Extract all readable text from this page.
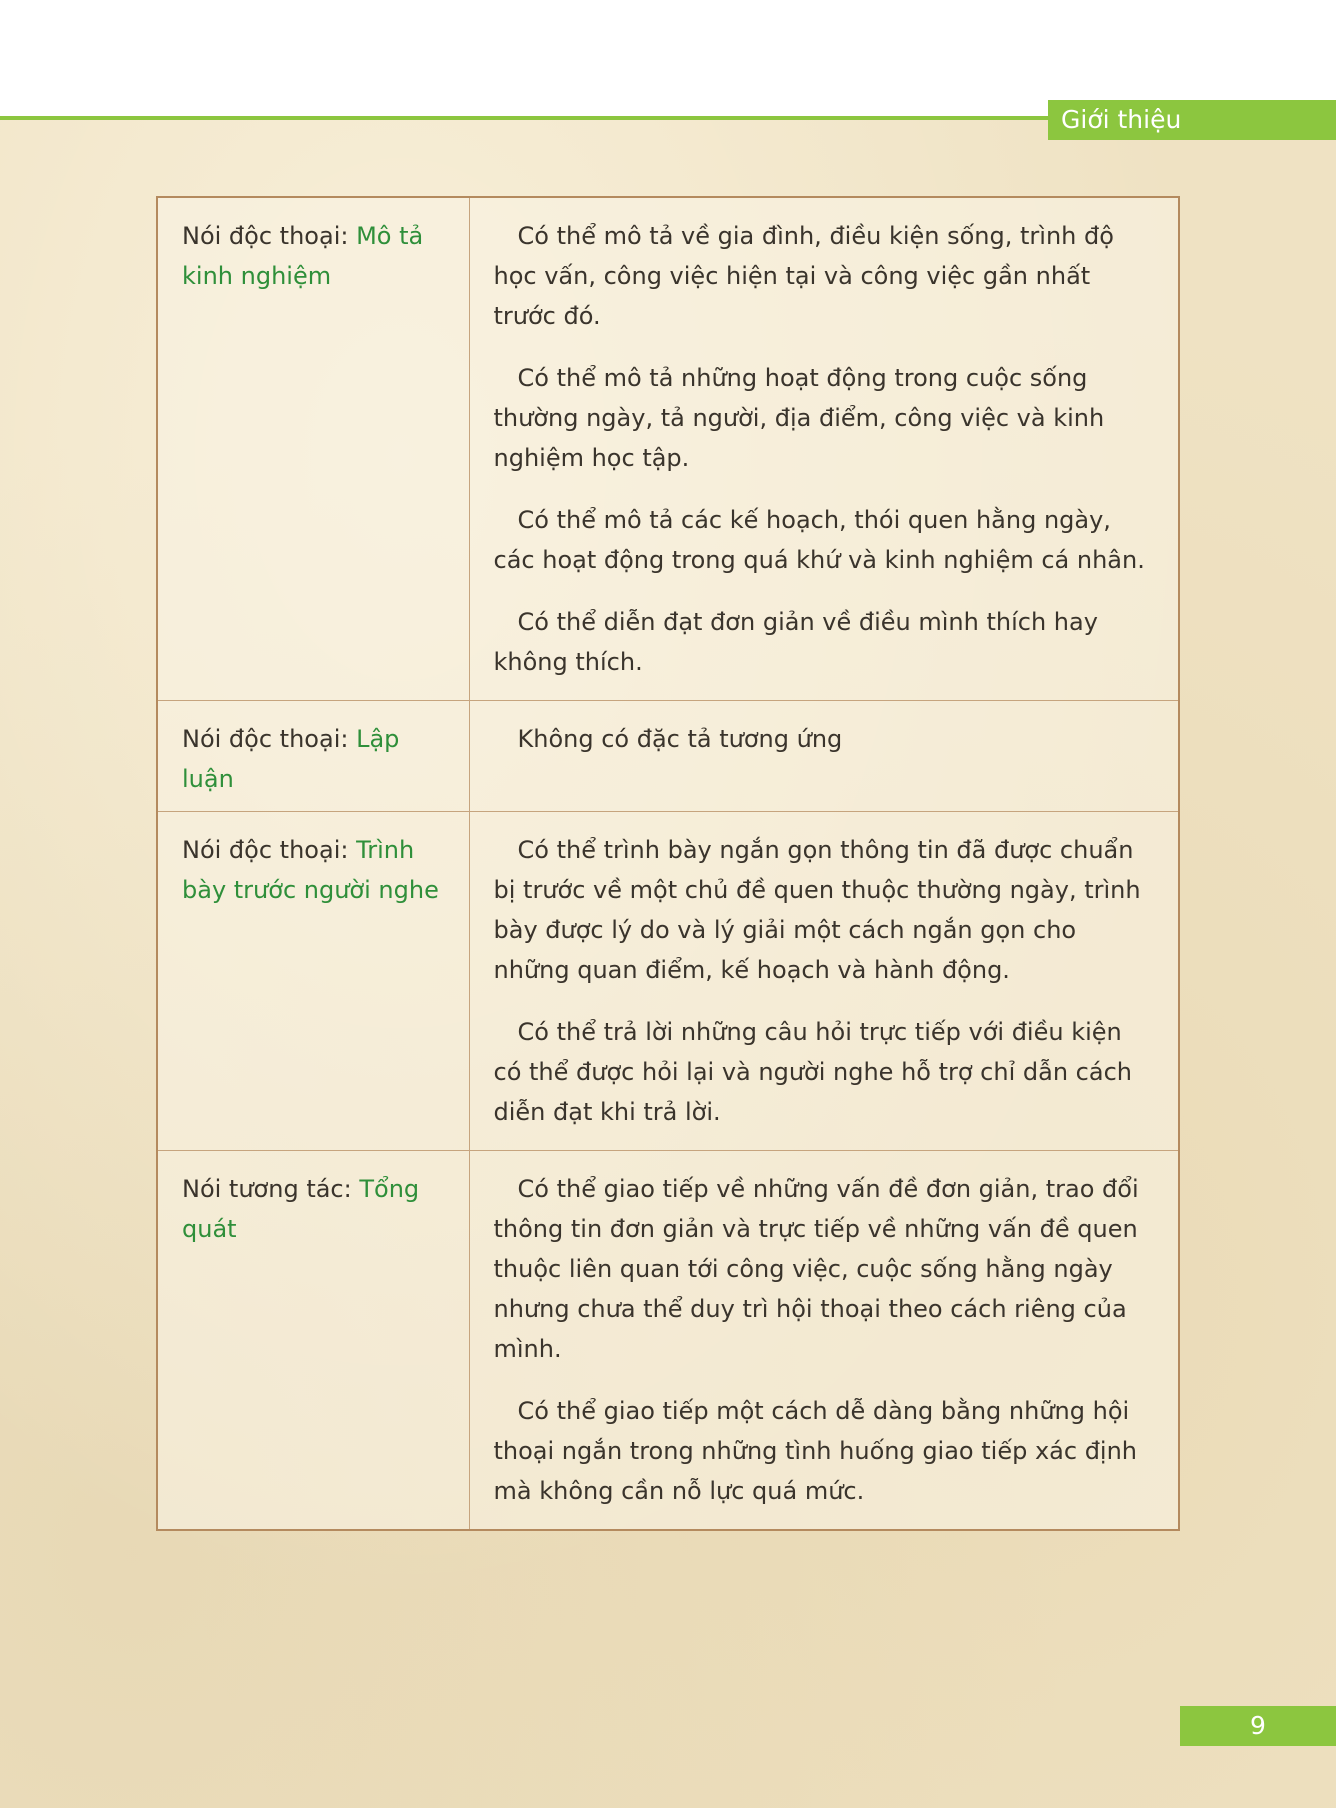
Giới thiệu
Nói độc thoại: Mô tả kinh nghiệm	Có thể mô tả về gia đình, điều kiện sống, trình độ học vấn, công việc hiện tại và công việc gần nhất trước đó.

Có thể mô tả những hoạt động trong cuộc sống thường ngày, tả người, địa điểm, công việc và kinh nghiệm học tập.

Có thể mô tả các kế hoạch, thói quen hằng ngày, các hoạt động trong quá khứ và kinh nghiệm cá nhân.

Có thể diễn đạt đơn giản về điều mình thích hay không thích.

Nói độc thoại: Lập luận	Không có đặc tả tương ứng

Nói độc thoại: Trình bày trước người nghe	Có thể trình bày ngắn gọn thông tin đã được chuẩn bị trước về một chủ đề quen thuộc thường ngày, trình bày được lý do và lý giải một cách ngắn gọn cho những quan điểm, kế hoạch và hành động.

Có thể trả lời những câu hỏi trực tiếp với điều kiện có thể được hỏi lại và người nghe hỗ trợ chỉ dẫn cách diễn đạt khi trả lời.

Nói tương tác: Tổng quát	Có thể giao tiếp về những vấn đề đơn giản, trao đổi thông tin đơn giản và trực tiếp về những vấn đề quen thuộc liên quan tới công việc, cuộc sống hằng ngày nhưng chưa thể duy trì hội thoại theo cách riêng của mình.

Có thể giao tiếp một cách dễ dàng bằng những hội thoại ngắn trong những tình huống giao tiếp xác định mà không cần nỗ lực quá mức.

9
